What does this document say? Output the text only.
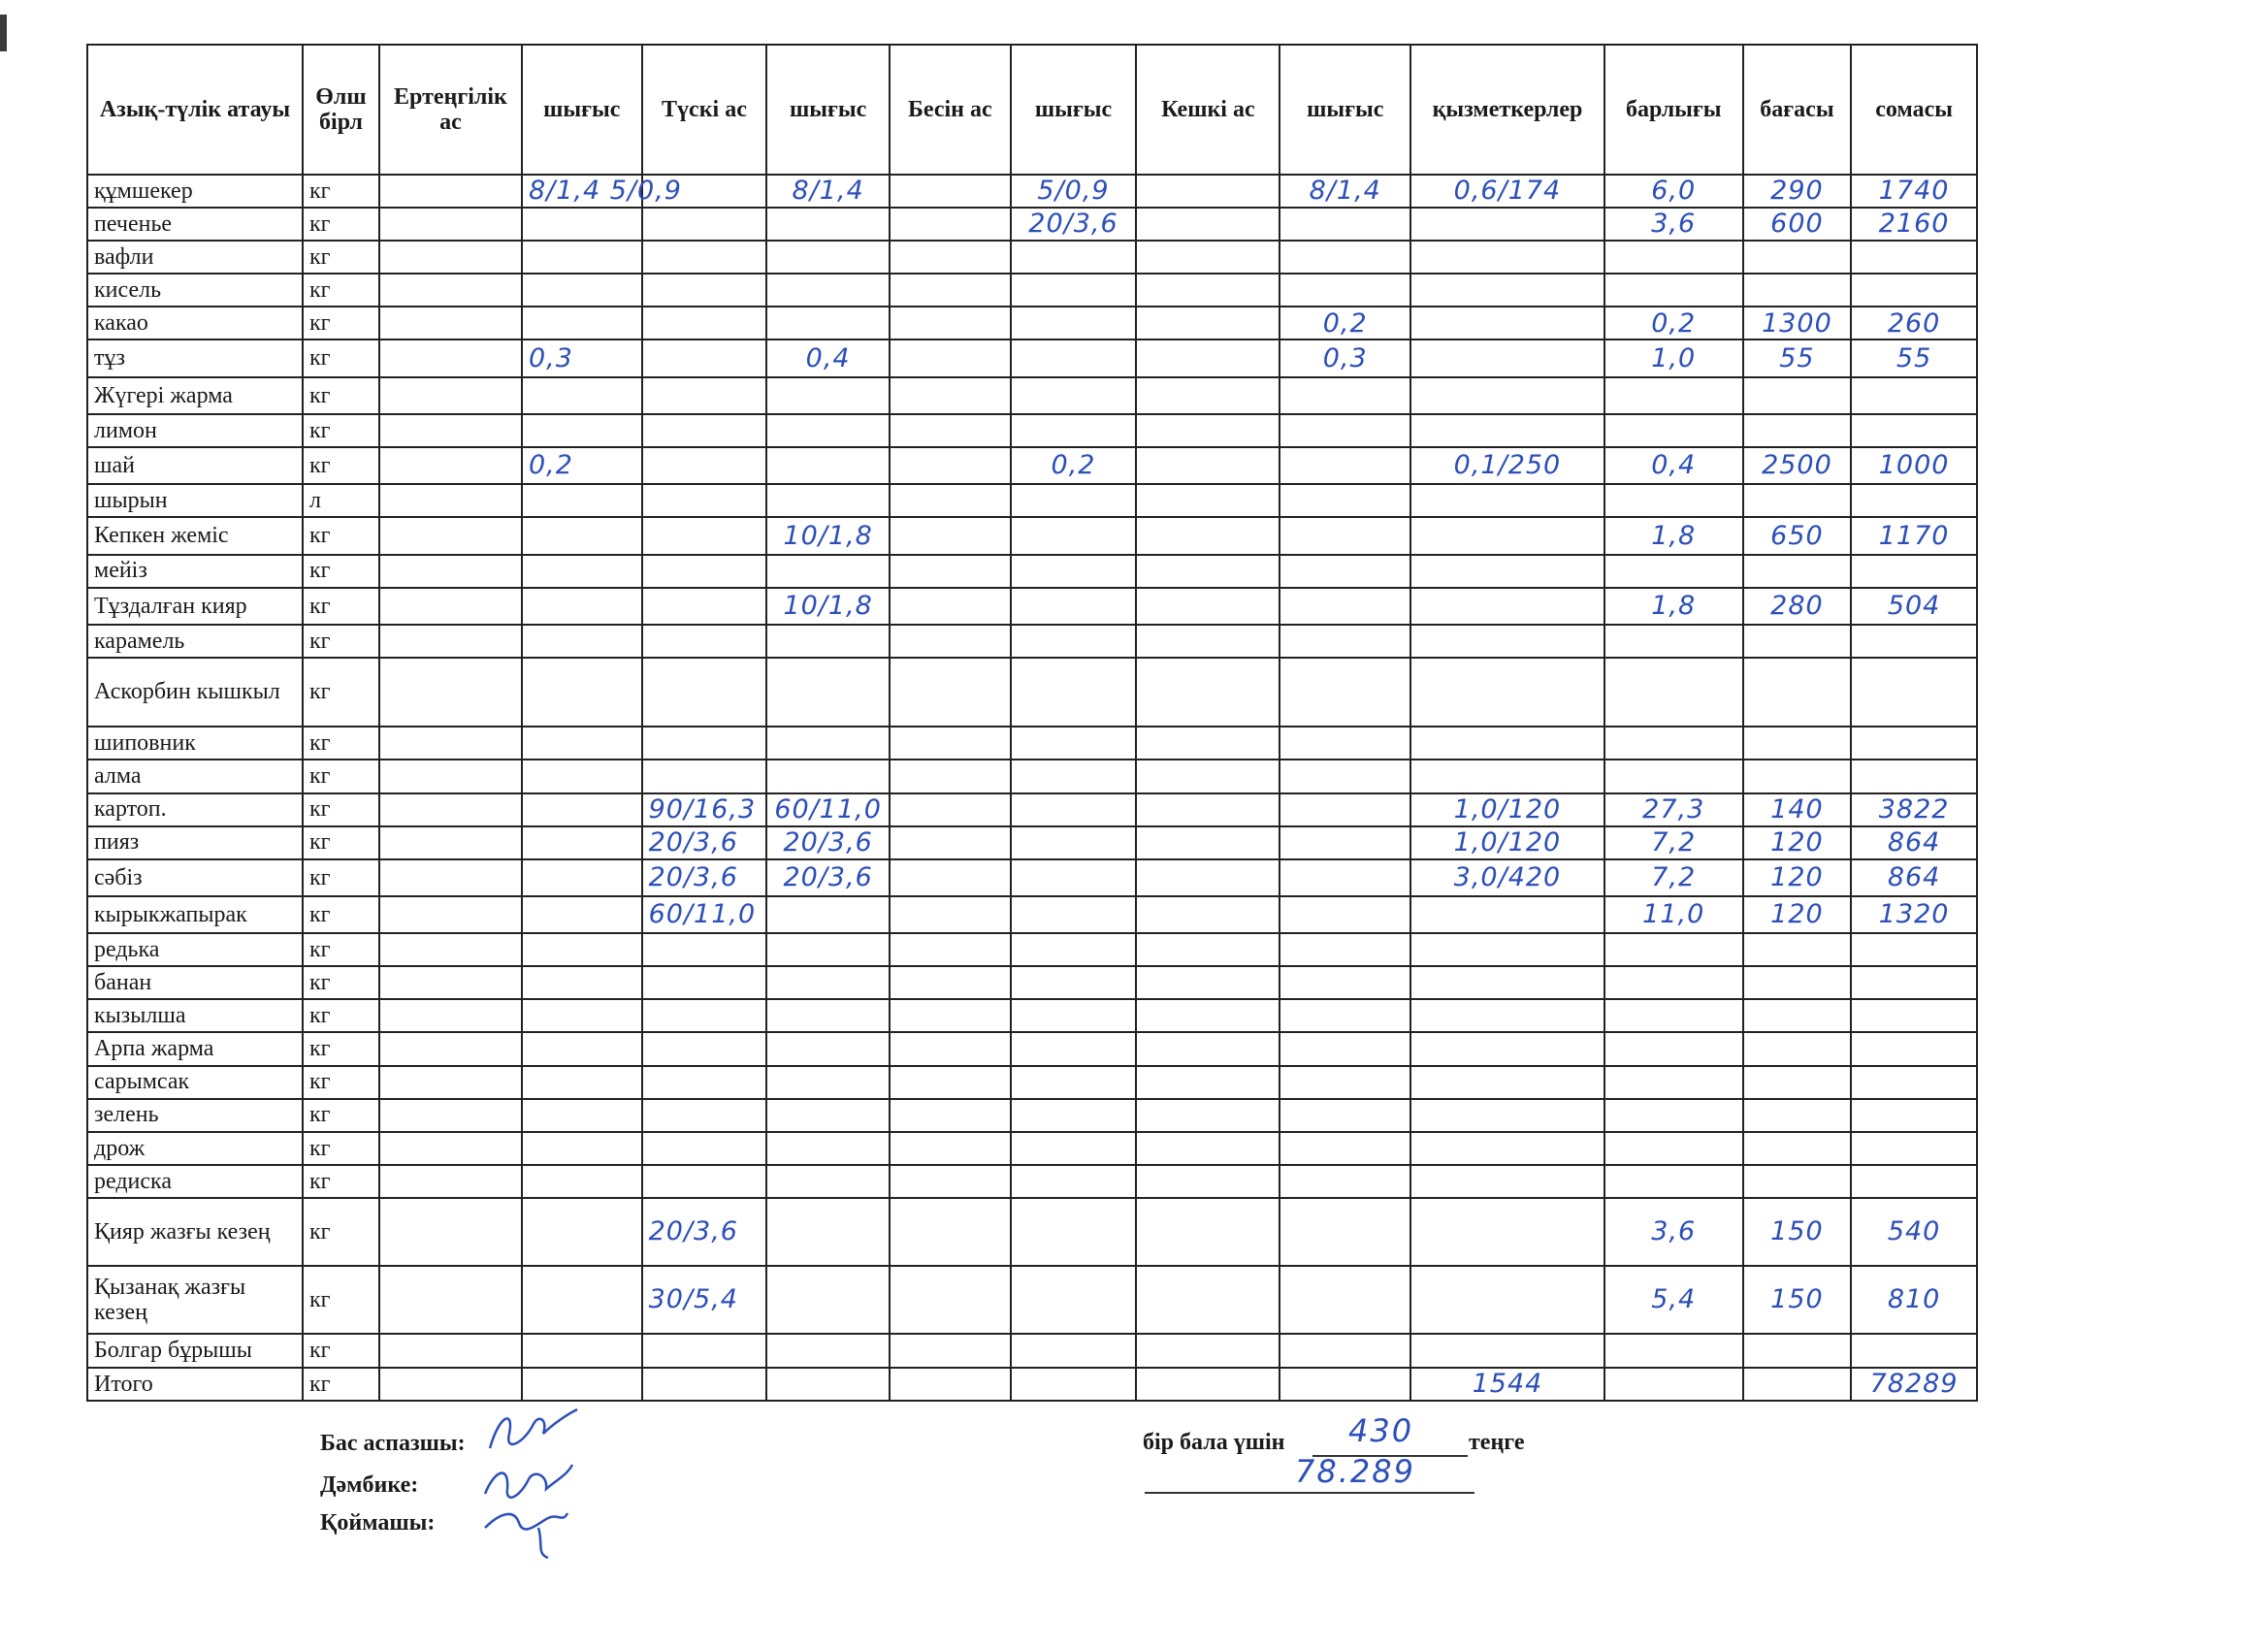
Азық-түлік атауы	Өлш бірл	Ертеңгілік ас	шығыс	Түскі ас	шығыс	Бесін ас	шығыс	Кешкі ас	шығыс	қызметкерлер	барлығы	бағасы	сомасы
құмшекер	кг		8/1,4 5/0,9		8/1,4		5/0,9		8/1,4	0,6/174	6,0	290	1740
печенье	кг						20/3,6				3,6	600	2160
вафли	кг												
кисель	кг												
какао	кг								0,2		0,2	1300	260
тұз	кг		0,3		0,4				0,3		1,0	55	55
Жүгері жарма	кг												
лимон	кг												
шай	кг		0,2				0,2			0,1/250	0,4	2500	1000
шырын	л												
Кепкен жеміс	кг				10/1,8						1,8	650	1170
мейіз	кг												
Тұздалған кияр	кг				10/1,8						1,8	280	504
карамель	кг												
Аскорбин кышкыл	кг												
шиповник	кг												
алма	кг												
картоп.	кг			90/16,3	60/11,0					1,0/120	27,3	140	3822
пияз	кг			20/3,6	20/3,6					1,0/120	7,2	120	864
сәбіз	кг			20/3,6	20/3,6					3,0/420	7,2	120	864
кырыкжапырак	кг			60/11,0							11,0	120	1320
редька	кг												
банан	кг												
кызылша	кг												
Арпа жарма	кг												
сарымсак	кг												
зелень	кг												
дрож	кг												
редиска	кг												
Қияр жазғы кезең	кг			20/3,6							3,6	150	540
Қызанақ жазғы кезең	кг			30/5,4							5,4	150	810
Болгар бұрышы	кг												
Итого	кг									1544			78289
Бас аспазшы:
Дәмбике:
Қоймашы:
бір бала үшін 430 теңге
78.289
